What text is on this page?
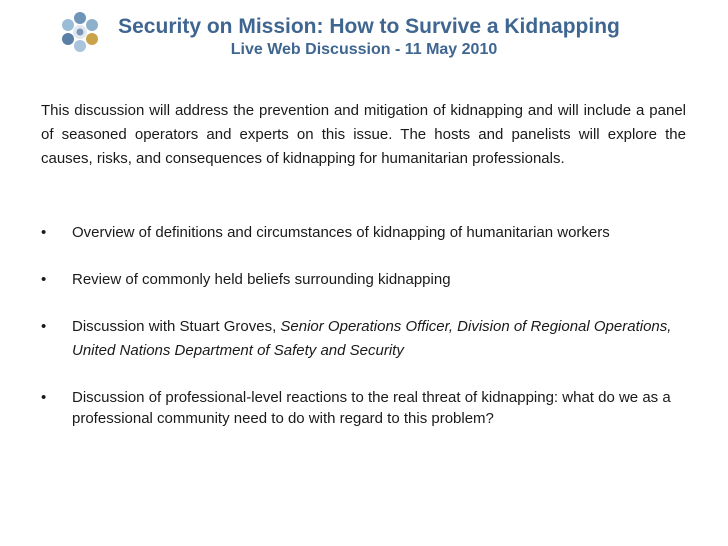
Security on Mission: How to Survive a Kidnapping
Live Web Discussion - 11 May 2010

This discussion will address the prevention and mitigation of kidnapping and will include a panel of seasoned operators and experts on this issue. The hosts and panelists will explore the causes, risks, and consequences of kidnapping for humanitarian professionals.

•	Overview of definitions and circumstances of kidnapping of humanitarian workers
•	Review of commonly held beliefs surrounding kidnapping
•	Discussion with Stuart Groves, Senior Operations Officer, Division of Regional Operations, United Nations Department of Safety and Security
•	Discussion of professional-level reactions to the real threat of kidnapping: what do we as a professional community need to do with regard to this problem?
